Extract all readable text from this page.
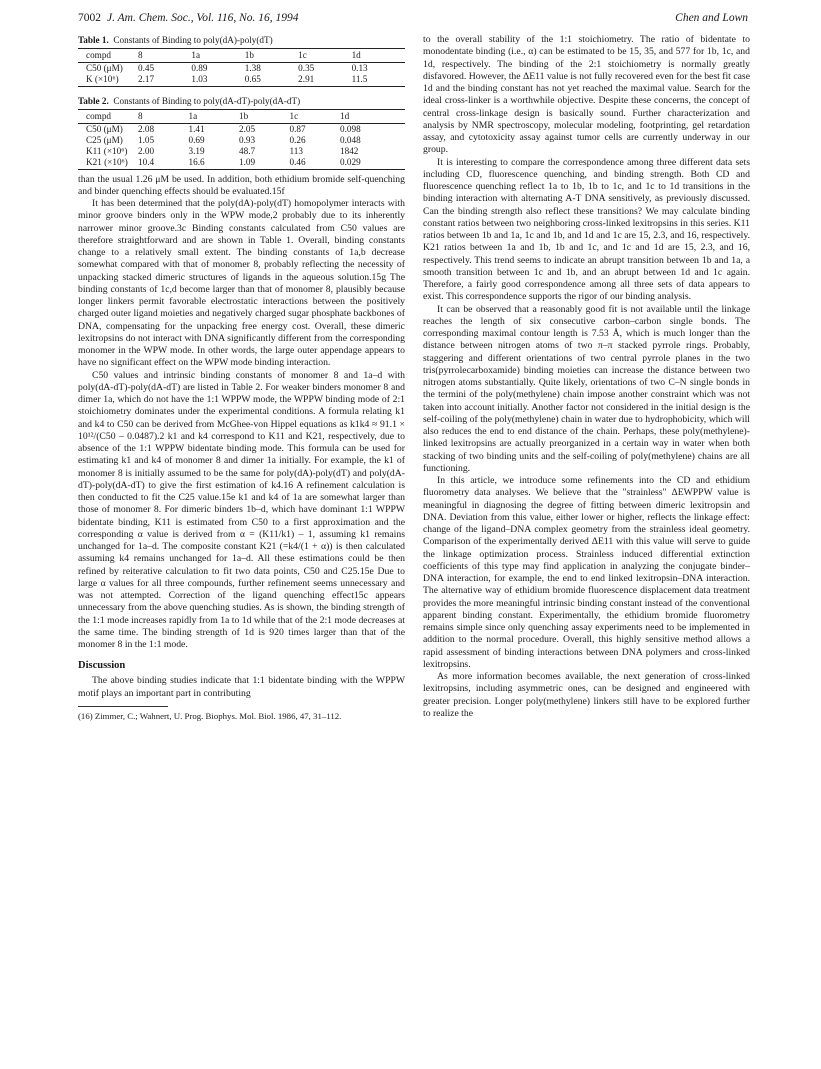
7002 J. Am. Chem. Soc., Vol. 116, No. 16, 1994	Chen and Lown
Table 1. Constants of Binding to poly(dA)-poly(dT)
compd	8	1a	1b	1c	1d
C50 (μM)	0.45	0.89	1.38	0.35	0.13
K (×10⁶)	2.17	1.03	0.65	2.91	11.5
Table 2. Constants of Binding to poly(dA-dT)-poly(dA-dT)
compd	8	1a	1b	1c	1d
C50 (μM)	2.08	1.41	2.05	0.87	0.098
C25 (μM)	1.05	0.69	0.93	0.26	0.048
K11 (×10⁶)	2.00	3.19	48.7	113	1842
K21 (×10⁶)	10.4	16.6	1.09	0.46	0.029

than the usual 1.26 μM be used. In addition, both ethidium bromide self-quenching and binder quenching effects should be evaluated.15f

It has been determined that the poly(dA)-poly(dT) homopolymer interacts with minor groove binders only in the WPW mode,2 probably due to its inherently narrower minor groove.3c Binding constants calculated from C50 values are therefore straightforward and are shown in Table 1. Overall, binding constants change to a relatively small extent. The binding constants of 1a,b decrease somewhat compared with that of monomer 8, probably reflecting the necessity of unpacking stacked dimeric structures of ligands in the aqueous solution.15g The binding constants of 1c,d become larger than that of monomer 8, plausibly because longer linkers permit favorable electrostatic interactions between the positively charged outer ligand moieties and negatively charged sugar phosphate backbones of DNA, compensating for the unpacking free energy cost. Overall, these dimeric lexitropsins do not interact with DNA significantly different from the corresponding monomer in the WPW mode. In other words, the large outer appendage appears to have no significant effect on the WPW mode binding interaction.

C50 values and intrinsic binding constants of monomer 8 and 1a–d with poly(dA-dT)-poly(dA-dT) are listed in Table 2. For weaker binders monomer 8 and dimer 1a, which do not have the 1:1 WPPW mode, the WPPW binding mode of 2:1 stoichiometry dominates under the experimental conditions. A formula relating k1 and k4 to C50 can be derived from McGhee-von Hippel equations as k1k4 ≈ 91.1 × 10¹²/(C50 – 0.0487).2 k1 and k4 correspond to K11 and K21, respectively, due to absence of the 1:1 WPPW bidentate binding mode. This formula can be used for estimating k1 and k4 of monomer 8 and dimer 1a initially. For example, the k1 of monomer 8 is initially assumed to be the same for poly(dA)-poly(dT) and poly(dA-dT)-poly(dA-dT) to give the first estimation of k4.16 A refinement calculation is then conducted to fit the C25 value.15e k1 and k4 of 1a are somewhat larger than those of monomer 8. For dimeric binders 1b–d, which have dominant 1:1 WPPW bidentate binding, K11 is estimated from C50 to a first approximation and the corresponding α value is derived from α = (K11/k1) – 1, assuming k1 remains unchanged for 1a–d. The composite constant K21 (=k4/(1 + α)) is then calculated assuming k4 remains unchanged for 1a–d. All these estimations could be then refined by reiterative calculation to fit two data points, C50 and C25.15e Due to large α values for all three compounds, further refinement seems unnecessary and was not attempted. Correction of the ligand quenching effect15c appears unnecessary from the above quenching studies. As is shown, the binding strength of the 1:1 mode increases rapidly from 1a to 1d while that of the 2:1 mode decreases at the same time. The binding strength of 1d is 920 times larger than that of the monomer 8 in the 1:1 mode.

Discussion

The above binding studies indicate that 1:1 bidentate binding with the WPPW motif plays an important part in contributing

(16) Zimmer, C.; Wahnert, U. Prog. Biophys. Mol. Biol. 1986, 47, 31–112.

to the overall stability of the 1:1 stoichiometry. The ratio of bidentate to monodentate binding (i.e., α) can be estimated to be 15, 35, and 577 for 1b, 1c, and 1d, respectively. The binding of the 2:1 stoichiometry is normally greatly disfavored. However, the ΔE11 value is not fully recovered even for the best fit case 1d and the binding constant has not yet reached the maximal value. Search for the ideal cross-linker is a worthwhile objective. Despite these concerns, the concept of central cross-linkage design is basically sound. Further characterization and analysis by NMR spectroscopy, molecular modeling, footprinting, gel retardation assay, and cytotoxicity assay against tumor cells are currently underway in our group.

It is interesting to compare the correspondence among three different data sets including CD, fluorescence quenching, and binding strength. Both CD and fluorescence quenching reflect 1a to 1b, 1b to 1c, and 1c to 1d transitions in the binding interaction with alternating A-T DNA sensitively, as previously discussed. Can the binding strength also reflect these transitions? We may calculate binding constant ratios between two neighboring cross-linked lexitropsins in this series. K11 ratios between 1b and 1a, 1c and 1b, and 1d and 1c are 15, 2.3, and 16, respectively. K21 ratios between 1a and 1b, 1b and 1c, and 1c and 1d are 15, 2.3, and 16, respectively. This trend seems to indicate an abrupt transition between 1b and 1a, a smooth transition between 1c and 1b, and an abrupt between 1d and 1c again. Therefore, a fairly good correspondence among all three sets of data appears to exist. This correspondence supports the rigor of our binding analysis.

It can be observed that a reasonably good fit is not available until the linkage reaches the length of six consecutive carbon–carbon single bonds. The corresponding maximal contour length is 7.53 Å, which is much longer than the distance between nitrogen atoms of two π–π stacked pyrrole rings. Probably, staggering and different orientations of two central pyrrole planes in the two tris(pyrrolecarboxamide) binding moieties can increase the distance between two nitrogen atoms substantially. Quite likely, orientations of two C–N single bonds in the termini of the poly(methylene) chain impose another constraint which was not taken into account initially. Another factor not considered in the initial design is the self-coiling of the poly(methylene) chain in water due to hydrophobicity, which will also reduces the end to end distance of the chain. Perhaps, these poly(methylene)-linked lexitropsins are actually preorganized in a certain way in water when both stacking of two binding units and the self-coiling of poly(methylene) chains are all functioning.

In this article, we introduce some refinements into the CD and ethidium fluorometry data analyses. We believe that the "strainless" ΔEWPPW value is meaningful in diagnosing the degree of fitting between dimeric lexitropsin and DNA. Deviation from this value, either lower or higher, reflects the linkage effect: change of the ligand–DNA complex geometry from the strainless ideal geometry. Comparison of the experimentally derived ΔE11 with this value will serve to guide the linkage optimization process. Strainless induced differential extinction coefficients of this type may find application in analyzing the conjugate binder–DNA interaction, for example, the end to end linked lexitropsin–DNA interaction. The alternative way of ethidium bromide fluorescence displacement data treatment provides the more meaningful intrinsic binding constant instead of the conventional apparent binding constant. Experimentally, the ethidium bromide fluorometry remains simple since only quenching assay experiments need to be implemented in addition to the normal procedure. Overall, this highly sensitive method allows a rapid assessment of binding interactions between DNA polymers and cross-linked lexitropsins.

As more information becomes available, the next generation of cross-linked lexitropsins, including asymmetric ones, can be designed and engineered with greater precision. Longer poly(methylene) linkers still have to be explored further to realize the
